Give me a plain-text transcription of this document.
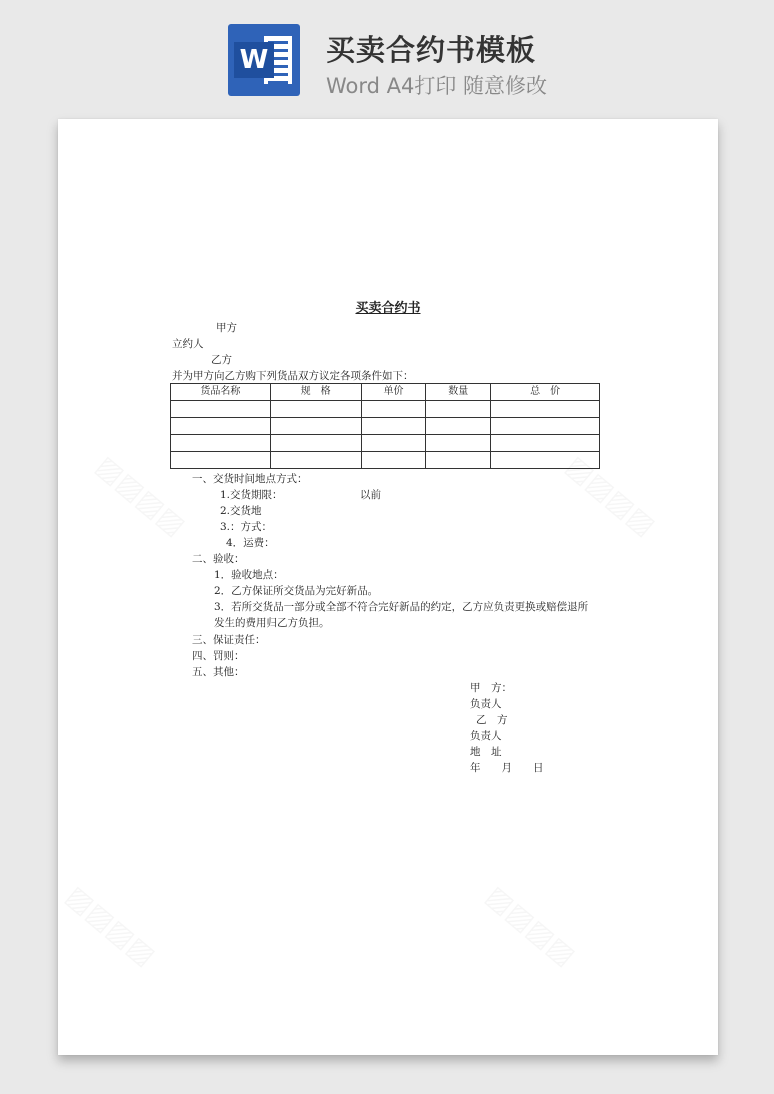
W 买卖合约书模板
Word A4打印 随意修改
买卖合约书
甲方
立约人
乙方
并为甲方向乙方购下列货品双方议定各项条件如下：
货品名称	规　格	单价	数量	总　价

一、交货时间地点方式：
1.交货期限：	以前
2.交货地
3.：方式：
4．运费：
二、验收：
1．验收地点：
2．乙方保证所交货品为完好新品。
3．若所交货品一部分或全部不符合完好新品的约定，乙方应负责更换或赔偿退所
发生的费用归乙方负担。
三、保证责任：
四、罚则：
五、其他：
甲　方：
负责人
乙　方
负责人
地　址
年　　月　　日
